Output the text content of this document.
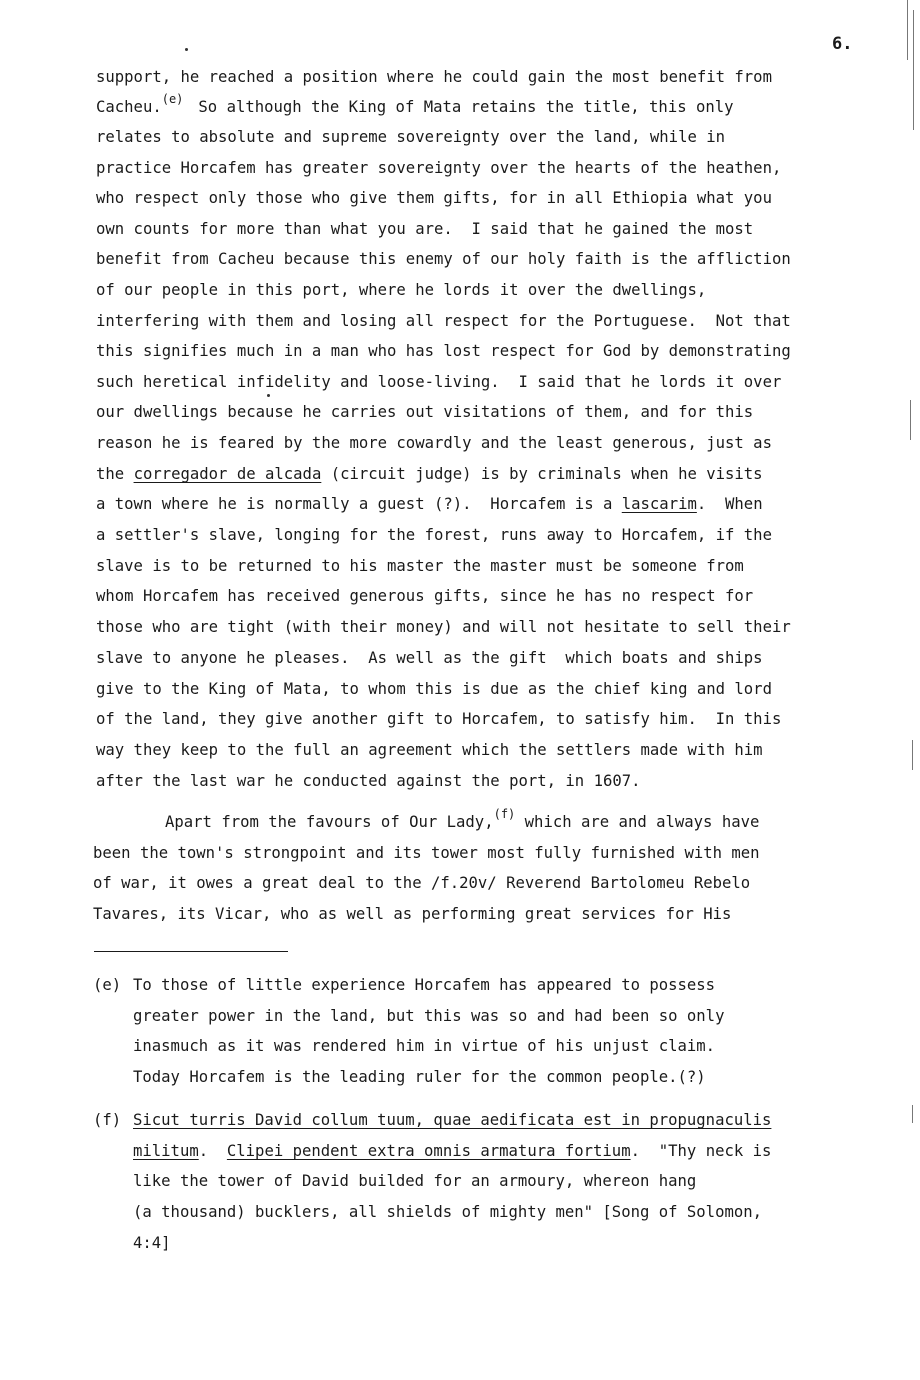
6.
support, he reached a position where he could gain the most benefit from
Cacheu.$^{(e)}$ So although the King of Mata retains the title, this only
relates to absolute and supreme sovereignty over the land, while in
practice Horcafem has greater sovereignty over the hearts of the heathen,
who respect only those who give them gifts, for in all Ethiopia what you
own counts for more than what you are.  I said that he gained the most
benefit from Cacheu because this enemy of our holy faith is the affliction
of our people in this port, where he lords it over the dwellings,
interfering with them and losing all respect for the Portuguese.  Not that
this signifies much in a man who has lost respect for God by demonstrating
such heretical infidelity and loose-living.  I said that he lords it over
our dwellings because he carries out visitations of them, and for this
reason he is feared by the more cowardly and the least generous, just as
the corregador de alcada (circuit judge) is by criminals when he visits
a town where he is normally a guest (?).  Horcafem is a lascarim.  When
a settler's slave, longing for the forest, runs away to Horcafem, if the
slave is to be returned to his master the master must be someone from
whom Horcafem has received generous gifts, since he has no respect for
those who are tight (with their money) and will not hesitate to sell their
slave to anyone he pleases.  As well as the gift  which boats and ships
give to the King of Mata, to whom this is due as the chief king and lord
of the land, they give another gift to Horcafem, to satisfy him.  In this
way they keep to the full an agreement which the settlers made with him
after the last war he conducted against the port, in 1607.
Apart from the favours of Our Lady,$^{(f)}$ which are and always have
been the town's strongpoint and its tower most fully furnished with men
of war, it owes a great deal to the /f.20v/ Reverend Bartolomeu Rebelo
Tavares, its Vicar, who as well as performing great services for His
(e) To those of little experience Horcafem has appeared to possess
greater power in the land, but this was so and had been so only
inasmuch as it was rendered him in virtue of his unjust claim.
Today Horcafem is the leading ruler for the common people.(?)
(f) Sicut turris David collum tuum, quae aedificata est in propugnaculis
militum.  Clipei pendent extra omnis armatura fortium.  "Thy neck is
like the tower of David builded for an armoury, whereon hang
(a thousand) bucklers, all shields of mighty men" [Song of Solomon,
4:4]
